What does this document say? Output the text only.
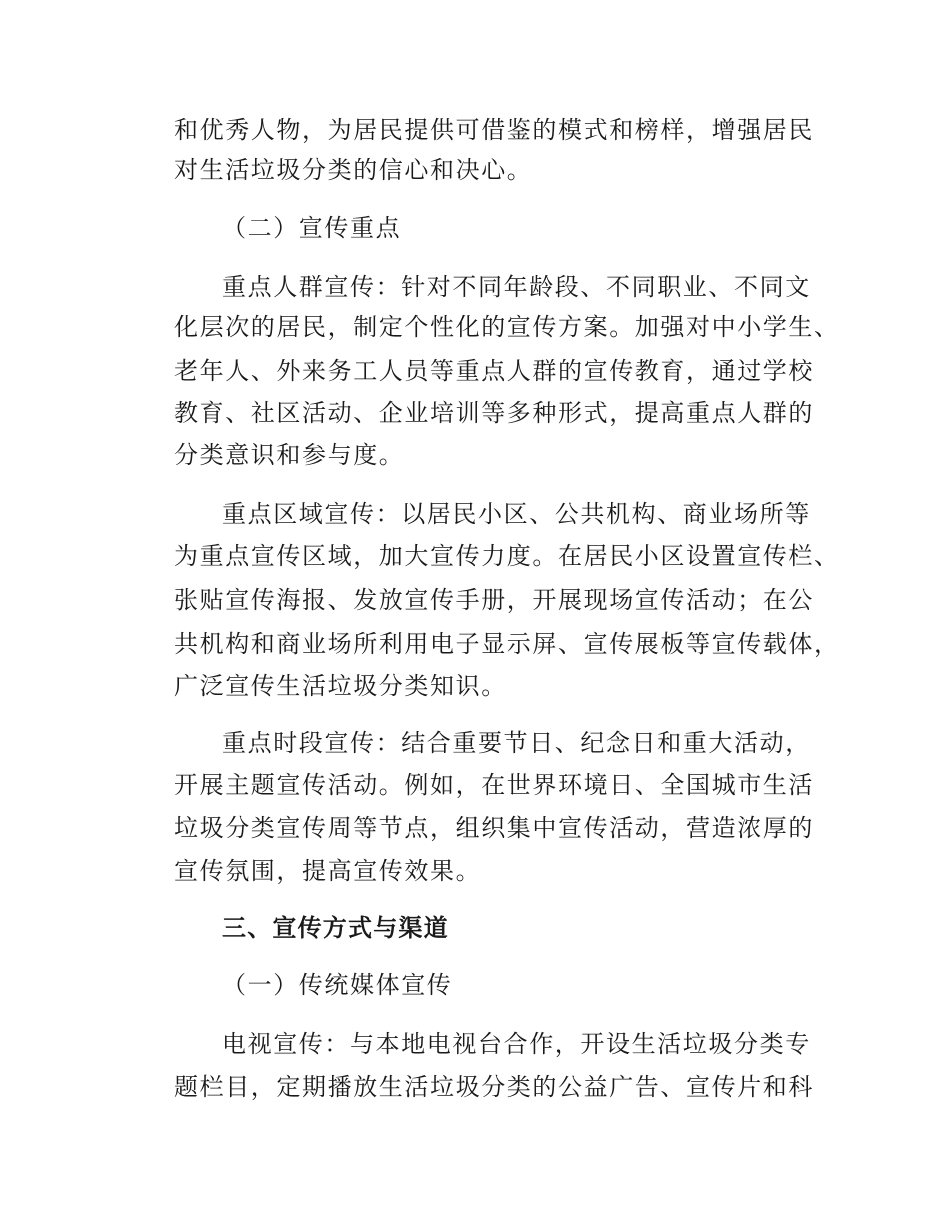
和优秀人物，为居民提供可借鉴的模式和榜样，增强居民
对生活垃圾分类的信心和决心。
（二）宣传重点
重点人群宣传：针对不同年龄段、不同职业、不同文
化层次的居民，制定个性化的宣传方案。加强对中小学生、
老年人、外来务工人员等重点人群的宣传教育，通过学校
教育、社区活动、企业培训等多种形式，提高重点人群的
分类意识和参与度。
重点区域宣传：以居民小区、公共机构、商业场所等
为重点宣传区域，加大宣传力度。在居民小区设置宣传栏、
张贴宣传海报、发放宣传手册，开展现场宣传活动；在公
共机构和商业场所利用电子显示屏、宣传展板等宣传载体，
广泛宣传生活垃圾分类知识。
重点时段宣传：结合重要节日、纪念日和重大活动，
开展主题宣传活动。例如，在世界环境日、全国城市生活
垃圾分类宣传周等节点，组织集中宣传活动，营造浓厚的
宣传氛围，提高宣传效果。
三、宣传方式与渠道
（一）传统媒体宣传
电视宣传：与本地电视台合作，开设生活垃圾分类专
题栏目，定期播放生活垃圾分类的公益广告、宣传片和科
